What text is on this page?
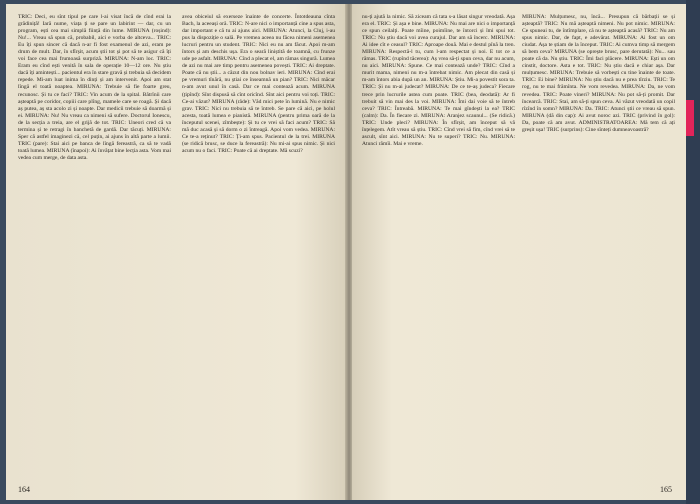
TRIC: Deci, eu sînt tipul pe care l-ai visat încă de cînd erai la grădiniță! Iară nume, viața ți se pare un labirint — dar, cu un program, ești cea mai simplă ființă din lume. MIRUNA (roșind): Nu!... Vreau să spun că, probabil, aici e vorba de altceva... TRIC: Eu îți spun sincer că dacă n-ar fi fost examenul de azi, eram pe drum de mult. Dar, în sfîrșit, acum știi tot și pot să te asigur că îți voi face cea mai frumoasă surpriză. MIRUNA: N-am loc. TRIC: Eram eu cînd ești venită în sala de operație 10—12 ore. Nu știu dacă îți amintești... pacientul era în stare gravă și trebuia să decidem repede. Mi-am luat inima în dinți și am intervenit. Apoi am stat lîngă el toată noaptea. MIRUNA: Trebuie să fie foarte greu, recunosc. Și tu ce faci? TRIC: Vin acum de la spital. Bătrînii care așteaptă pe coridor, copiii care plîng, mamele care se roagă. Și dacă aș putea, aș sta acolo zi și noapte. Dar medicii trebuie să doarmă și ei. MIRUNA: Nu! Nu vreau ca nimeni să sufere. Doctorul Ionescu, de la secția a treia, are el grijă de tot. TRIC: Uneori cred că va termina și te retragi în banchetă de gardă. Dar tăcuți. MIRUNA: Sper că astfel imaginezi că, cel puțin, ai ajuns în altă parte a lumii. TRIC (pare): Stai aici pe banca de lîngă fereastră, ca să te vadă toată lumea. MIRUNA (înapoi): Ai învățat bine lecția asta. Vom mai vedea cum merge, de data asta.

avea obiceiul să exerseze înainte de concerte. Întotdeauna cînta Bach, la aceeași oră. TRIC: N-are nici o importanță cine a spus asta, dar important e că tu ai ajuns aici. MIRUNA: Atunci, la Cluj, i-au pus la dispoziție o sală. Pe vremea aceea nu făcea nimeni asemenea lucruri pentru un student. TRIC: Nici eu nu am făcut. Apoi m-am întors și am deschis ușa. Era o seară liniștită de toamnă, cu frunze ude pe asfalt. MIRUNA: Cînd a plecat el, am rămas singură. Lumea de azi nu mai are timp pentru asemenea povești. TRIC: Ai dreptate. Poate că nu știi... a căzut din nou bolnav ieri. MIRUNA: Cînd erai pe vremuri tînără, nu știai ce înseamnă un pian? TRIC: Nici măcar n-am avut unul în casă. Dar ce mai contează acum. MIRUNA (țipînd): Sînt dispusă să cînt oricînd. Sînt aici pentru voi toți. TRIC: Ce-ai văzut? MIRUNA (râde): Văd mici pete în lumină. Nu e nimic grav. TRIC: Nici nu trebuia să te întreb. Se pare că aici, pe holul acesta, toată lumea e pianistă. MIRUNA (pentru prima oară de la începutul scenei, zîmbește): Și tu ce vrei să faci acum? TRIC: Să mă duc acasă și să dorm o zi întreagă. Apoi vom vedea. MIRUNA: Ce te-a reținut? TRIC: Ți-am spus. Pacientul de la trei. MIRUNA (se ridică brusc, se duce la fereastră): Nu mi-ai spus nimic. Și nici acum nu o faci. TRIC: Poate că ai dreptate. Mă scuzi?

164

nu-ți ajută la nimic. Să ziceam că tata s-a lăsat singur vreodată. Așa era el. TRIC: Și așa e bine. MIRUNA: Nu mai are nici o importanță ce spun ceilalți. Poate mîine, poimîine, te întorci și îmi spui tot. TRIC: Nu știu dacă voi avea curajul. Dar am să încerc. MIRUNA: Ai idee cît e ceasul? TRIC: Aproape două. Mai e destul pînă la tren. MIRUNA: Respectă-l tu, cum l-am respectat și noi. E tot ce a rămas. TRIC (rupînd tăcerea): Aș vrea să-ți spun ceva, dar nu acum, nu aici. MIRUNA: Spune. Ce mai contează unde? TRIC: Cînd a murit mama, nimeni nu m-a întrebat nimic. Am plecat din casă și m-am întors abia după un an. MIRUNA: Știu. Mi-a povestit sora ta. TRIC: Și nu m-ai judecat? MIRUNA: De ce te-aș judeca? Fiecare trece prin lucrurile astea cum poate. TRIC (bea, deodată): Ar fi trebuit să vin mai des la voi. MIRUNA: Îmi dai voie să te întreb ceva? TRIC: Întreabă. MIRUNA: Te mai gîndești la ea? TRIC (calm): Da. În fiecare zi. MIRUNA: Aranjez scaunul... (Se ridică.) TRIC: Unde pleci? MIRUNA: În sfîrșit, am început să vă înțelegem. Atît vreau să știu. TRIC: Cînd vrei să fim, cînd vrei să te ascult, sînt aici. MIRUNA: Nu te superi? TRIC: Nu. MIRUNA: Atunci rămîi. Mai e vreme.

MIRUNA: Mulțumesc, nu, încă... Presupun că bărbații se și așteaptă? TRIC: Nu mă așteaptă nimeni. Nu pot nimic. MIRUNA: Ce spuneai tu, de întîmplare, că nu te așteaptă acasă? TRIC: Nu am spus nimic. Dar, de fapt, e adevărat. MIRUNA: Ai fost un om ciudat. Așa te știam de la început. TRIC: Ai cumva timp să mergem să bem ceva? MIRUNA (se oprește brusc, pare derutată): Nu... sau poate că da. Nu știu. TRIC: Îmi faci plăcere. MIRUNA: Ești un om cinstit, doctore. Asta e tot. TRIC: Nu știu dacă e chiar așa. Dar mulțumesc. MIRUNA: Trebuie să vorbești cu tine înainte de toate. TRIC: Ei bine? MIRUNA: Nu știu dacă nu e prea tîrziu. TRIC: Te rog, nu te mai frămînta. Ne vom revedea. MIRUNA: Da, ne vom revedea. TRIC: Poate vineri? MIRUNA: Nu pot să-ți promit. Dar încearcă. TRIC: Stai, am să-ți spun ceva. Ai văzut vreodată un copil rîzînd în somn? MIRUNA: Da. TRIC: Atunci știi ce vreau să spun. MIRUNA (dă din cap): Ai avut noroc azi. TRIC (privind în gol): Da, poate că am avut. ADMINISTRATOAREA: Mă tem că ați greșit ușa! TRIC (surprins): Cine sînteți dumneavoastră?

165
